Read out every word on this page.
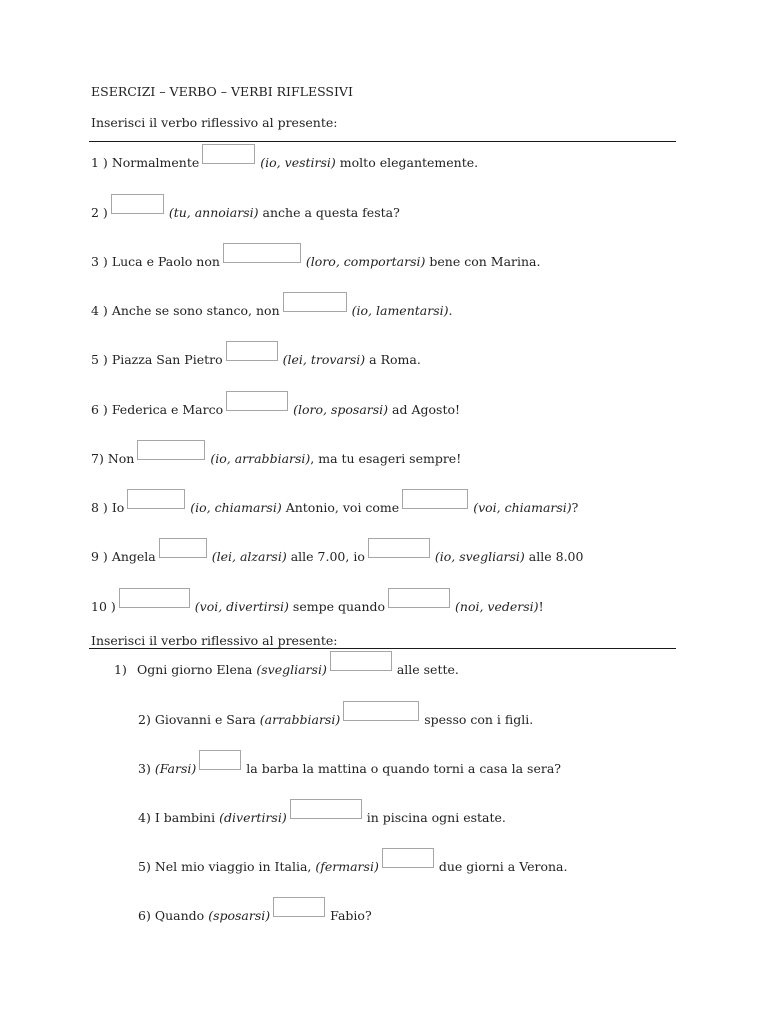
ESERCIZI – VERBO – VERBI RIFLESSIVI
Inserisci il verbo riflessivo al presente:
1 ) Normalmente	(io, vestirsi) molto elegantemente.
2 )	(tu, annoiarsi) anche a questa festa?
3 ) Luca e Paolo non	(loro, comportarsi) bene con Marina.
4 ) Anche se sono stanco, non	(io, lamentarsi) .
5 ) Piazza San Pietro	(lei, trovarsi) a Roma.
6 ) Federica e Marco	(loro, sposarsi) ad Agosto!
7) Non	(io, arrabbiarsi) , ma tu esageri sempre!
8 ) Io	(io, chiamarsi) Antonio, voi come	(voi, chiamarsi) ?
9 ) Angela	(lei, alzarsi) alle 7.00, io	(io, svegliarsi) alle 8.00
10 )	(voi, divertirsi) sempe quando	(noi, vedersi) !
Inserisci il verbo riflessivo al presente:
1) Ogni giorno Elena (svegliarsi)	alle sette.
2) Giovanni e Sara (arrabbiarsi)	spesso con i figli.
3) (Farsi)	la barba la mattina o quando torni a casa la sera?
4) I bambini (divertirsi)	in piscina ogni estate.
5) Nel mio viaggio in Italia, (fermarsi)	due giorni a Verona.
6) Quando (sposarsi)	Fabio?
